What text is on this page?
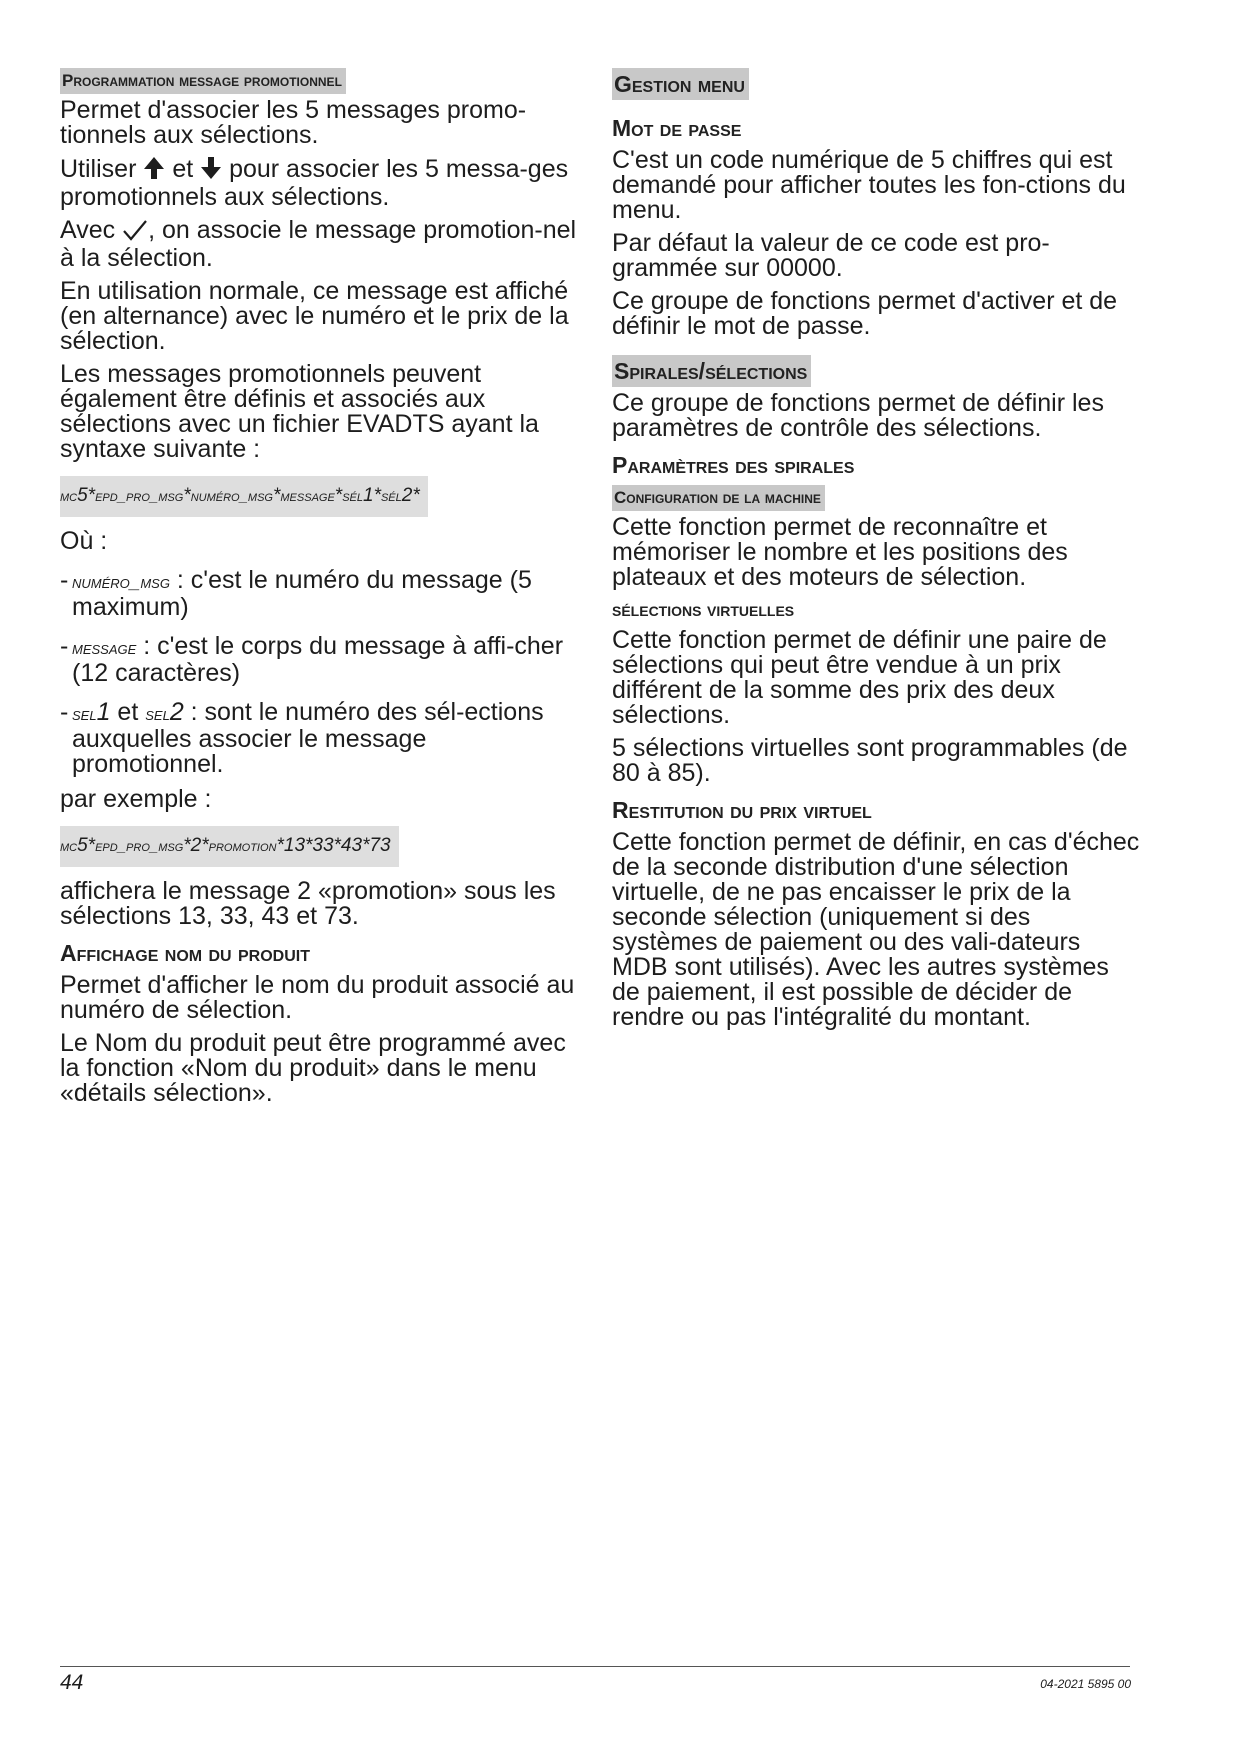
Programmation message promotionnel

Permet d'associer les 5 messages promo-tionnels aux sélections.

Utiliser et pour associer les 5 messa-ges promotionnels aux sélections.

Avec , on associe le message promotion-nel à la sélection.

En utilisation normale, ce message est affiché (en alternance) avec le numéro et le prix de la sélection.

Les messages promotionnels peuvent également être définis et associés aux sélections avec un fichier EVADTS ayant la syntaxe suivante :

mc5*epd_pro_msg*numéro_msg*message*sél1*sél2*

Où :

- numéro_msg : c'est le numéro du message (5 maximum)
- message : c'est le corps du message à affi-cher (12 caractères)
- sel1 et sel2 : sont le numéro des sél-ections auxquelles associer le message promotionnel.

par exemple :

mc5*epd_pro_msg*2*promotion*13*33*43*73

affichera le message 2 «promotion» sous les sélections 13, 33, 43 et 73.

Affichage nom du produit

Permet d'afficher le nom du produit associé au numéro de sélection.

Le Nom du produit peut être programmé avec la fonction «Nom du produit» dans le menu «détails sélection».

Gestion menu
Mot de passe

C'est un code numérique de 5 chiffres qui est demandé pour afficher toutes les fon-ctions du menu.

Par défaut la valeur de ce code est pro-grammée sur 00000.

Ce groupe de fonctions permet d'activer et de définir le mot de passe.

Spirales/sélections

Ce groupe de fonctions permet de définir les paramètres de contrôle des sélections.

Paramètres des spirales
Configuration de la machine

Cette fonction permet de reconnaître et mémoriser le nombre et les positions des plateaux et des moteurs de sélection.

sélections virtuelles

Cette fonction permet de définir une paire de sélections qui peut être vendue à un prix différent de la somme des prix des deux sélections.

5 sélections virtuelles sont programmables (de 80 à 85).

Restitution du prix virtuel

Cette fonction permet de définir, en cas d'échec de la seconde distribution d'une sélection virtuelle, de ne pas encaisser le prix de la seconde sélection (uniquement si des systèmes de paiement ou des vali-dateurs MDB sont utilisés). Avec les autres systèmes de paiement, il est possible de décider de rendre ou pas l'intégralité du montant.

44	04-2021 5895 00
